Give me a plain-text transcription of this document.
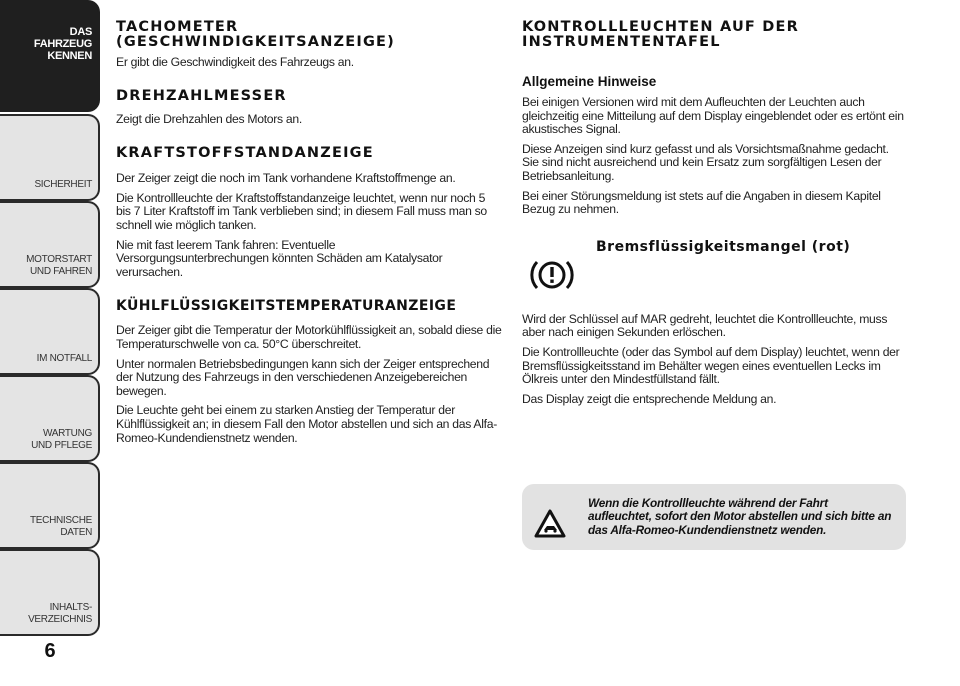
DAS FAHRZEUG KENNEN
SICHERHEIT
MOTORSTART UND FAHREN
IM NOTFALL
WARTUNG UND PFLEGE
TECHNISCHE DATEN
INHALTS- VERZEICHNIS
6
TACHOMETER (GESCHWINDIGKEITSANZEIGE)

Er gibt die Geschwindigkeit des Fahrzeugs an.

DREHZAHLMESSER

Zeigt die Drehzahlen des Motors an.

KRAFTSTOFFSTANDANZEIGE

Der Zeiger zeigt die noch im Tank vorhandene Kraftstoffmenge an.

Die Kontrollleuchte der Kraftstoffstandanzeige leuchtet, wenn nur noch 5 bis 7 Liter Kraftstoff im Tank verblieben sind; in diesem Fall muss man so schnell wie möglich tanken.

Nie mit fast leerem Tank fahren: Eventuelle Versorgungsunterbrechungen könnten Schäden am Katalysator verursachen.

KÜHLFLÜSSIGKEITSTEMPERATURANZEIGE

Der Zeiger gibt die Temperatur der Motorkühlflüssigkeit an, sobald diese die Temperaturschwelle von ca. 50°C überschreitet.

Unter normalen Betriebsbedingungen kann sich der Zeiger entsprechend der Nutzung des Fahrzeugs in den verschiedenen Anzeigebereichen bewegen.

Die Leuchte geht bei einem zu starken Anstieg der Temperatur der Kühlflüssigkeit an; in diesem Fall den Motor abstellen und sich an das Alfa-Romeo-Kundendienstnetz wenden.

KONTROLLLEUCHTEN AUF DER INSTRUMENTENTAFEL
Allgemeine Hinweise

Bei einigen Versionen wird mit dem Aufleuchten der Leuchten auch gleichzeitig eine Mitteilung auf dem Display eingeblendet oder es ertönt ein akustisches Signal.

Diese Anzeigen sind kurz gefasst und als Vorsichtsmaßnahme gedacht. Sie sind nicht ausreichend und kein Ersatz zum sorgfältigen Lesen der Betriebsanleitung.

Bei einer Störungsmeldung ist stets auf die Angaben in diesem Kapitel Bezug zu nehmen.

Bremsflüssigkeitsmangel (rot)

Wird der Schlüssel auf MAR gedreht, leuchtet die Kontrollleuchte, muss aber nach einigen Sekunden erlöschen.

Die Kontrollleuchte (oder das Symbol auf dem Display) leuchtet, wenn der Bremsflüssigkeitsstand im Behälter wegen eines eventuellen Lecks im Ölkreis unter den Mindestfüllstand fällt.

Das Display zeigt die entsprechende Meldung an.

Wenn die Kontrollleuchte während der Fahrt aufleuchtet, sofort den Motor abstellen und sich bitte an das Alfa-Romeo-Kundendienstnetz wenden.
